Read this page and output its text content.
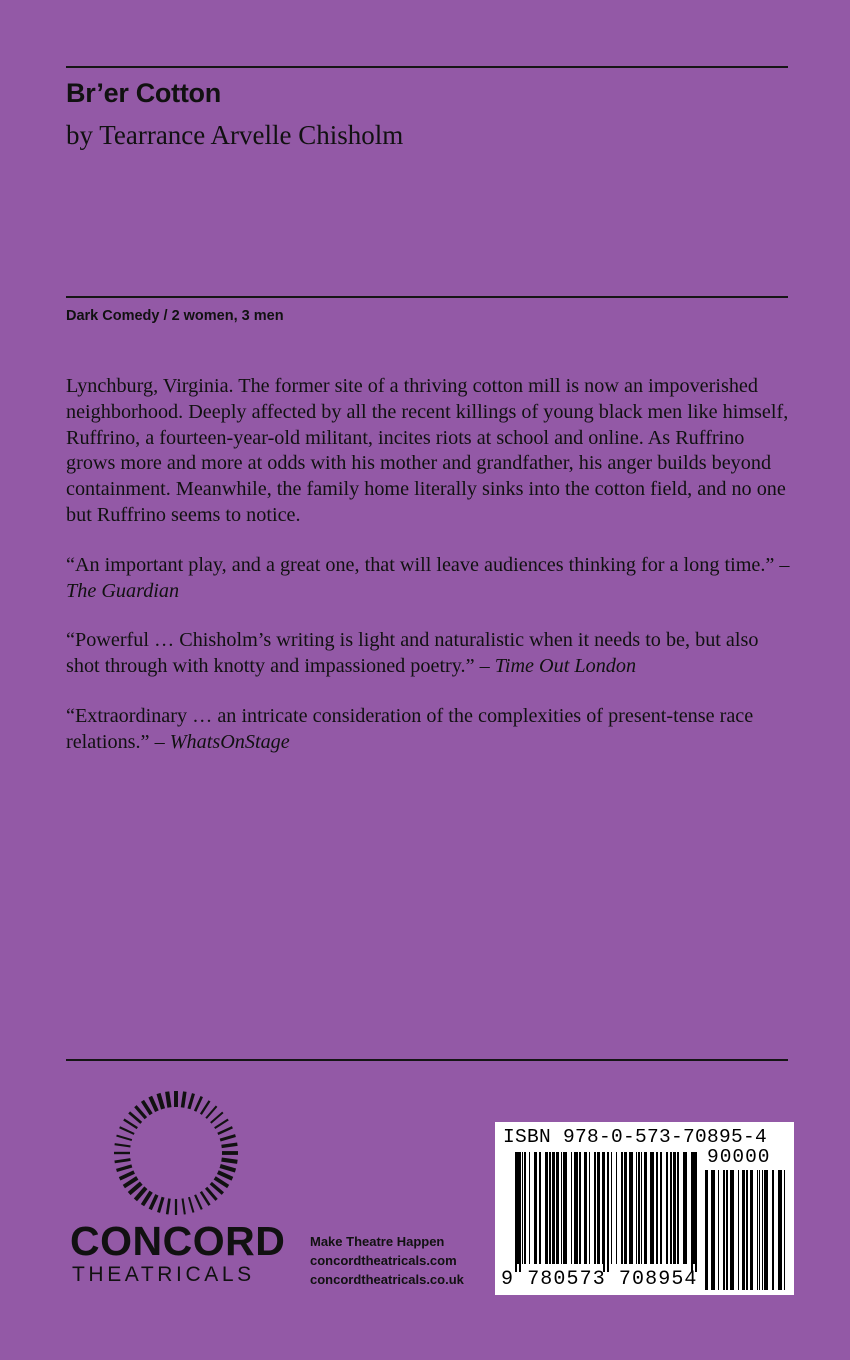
Br’er Cotton
by Tearrance Arvelle Chisholm
Dark Comedy / 2 women, 3 men

Lynchburg, Virginia. The former site of a thriving cotton mill is now an impoverished neighborhood. Deeply affected by all the recent killings of young black men like himself, Ruffrino, a fourteen-year-old militant, incites riots at school and online. As Ruffrino grows more and more at odds with his mother and grandfather, his anger builds beyond containment. Meanwhile, the family home literally sinks into the cotton field, and no one but Ruffrino seems to notice.

“An important play, and a great one, that will leave audiences thinking for a long time.” – The Guardian

“Powerful … Chisholm’s writing is light and naturalistic when it needs to be, but also shot through with knotty and impassioned poetry.” – Time Out London

“Extraordinary … an intricate consideration of the complexities of present-tense race relations.” – WhatsOnStage

CONCORD
THEATRICALS
Make Theatre Happen
concordtheatricals.com
concordtheatricals.co.uk
ISBN 978-0-573-70895-4
90000
9 780573 708954
